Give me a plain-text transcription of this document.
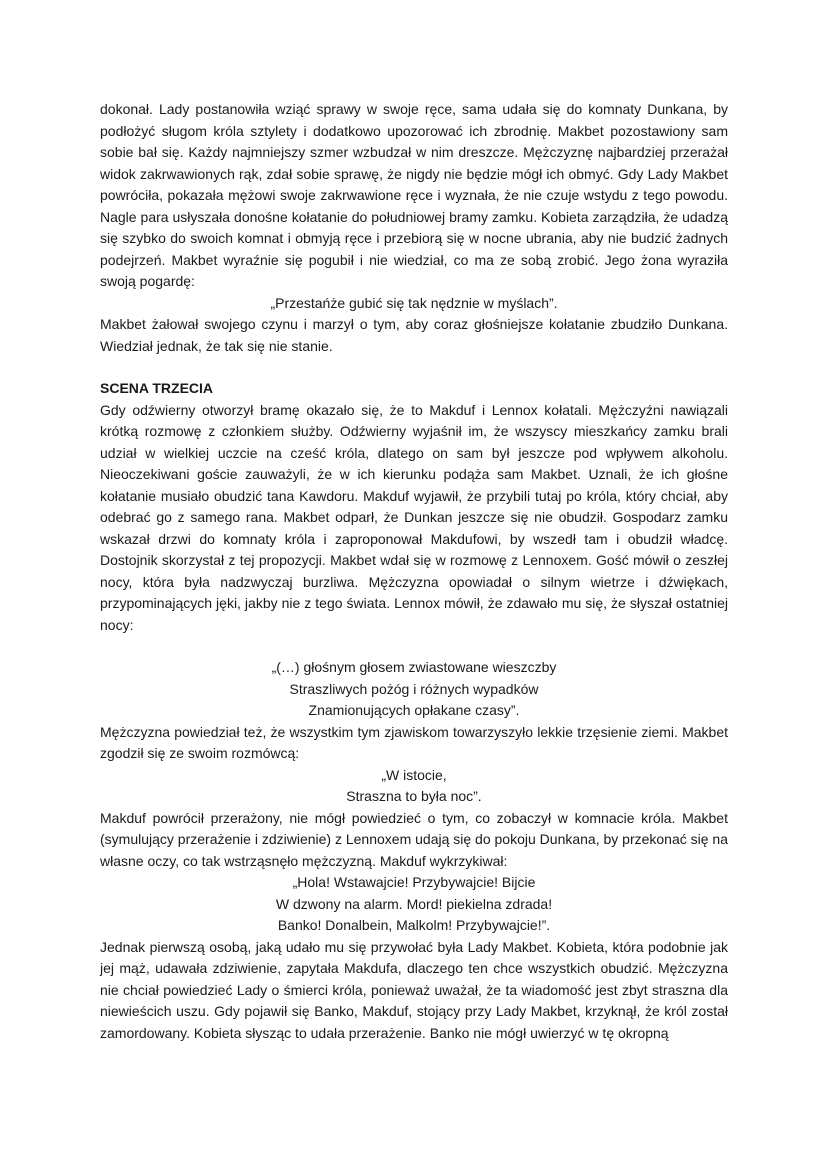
dokonał. Lady postanowiła wziąć sprawy w swoje ręce, sama udała się do komnaty Dunkana, by podłożyć sługom króla sztylety i dodatkowo upozorować ich zbrodnię. Makbet pozostawiony sam sobie bał się. Każdy najmniejszy szmer wzbudzał w nim dreszcze. Mężczyznę najbardziej przerażał widok zakrwawionych rąk, zdał sobie sprawę, że nigdy nie będzie mógł ich obmyć. Gdy Lady Makbet powróciła, pokazała mężowi swoje zakrwawione ręce i wyznała, że nie czuje wstydu z tego powodu. Nagle para usłyszała donośne kołatanie do południowej bramy zamku. Kobieta zarządziła, że udadzą się szybko do swoich komnat i obmyją ręce i przebiorą się w nocne ubrania, aby nie budzić żadnych podejrzeń. Makbet wyraźnie się pogubił i nie wiedział, co ma ze sobą zrobić. Jego żona wyraziła swoją pogardę:

„Przestańże gubić się tak nędznie w myślach”.

Makbet żałował swojego czynu i marzył o tym, aby coraz głośniejsze kołatanie zbudziło Dunkana. Wiedział jednak, że tak się nie stanie.

SCENA TRZECIA

Gdy odźwierny otworzył bramę okazało się, że to Makduf i Lennox kołatali. Mężczyźni nawiązali krótką rozmowę z członkiem służby. Odźwierny wyjaśnił im, że wszyscy mieszkańcy zamku brali udział w wielkiej uczcie na cześć króla, dlatego on sam był jeszcze pod wpływem alkoholu. Nieoczekiwani goście zauważyli, że w ich kierunku podąża sam Makbet. Uznali, że ich głośne kołatanie musiało obudzić tana Kawdoru. Makduf wyjawił, że przybili tutaj po króla, który chciał, aby odebrać go z samego rana. Makbet odparł, że Dunkan jeszcze się nie obudził. Gospodarz zamku wskazał drzwi do komnaty króla i zaproponował Makdufowi, by wszedł tam i obudził władcę. Dostojnik skorzystał z tej propozycji. Makbet wdał się w rozmowę z Lennoxem. Gość mówił o zeszłej nocy, która była nadzwyczaj burzliwa. Mężczyzna opowiadał o silnym wietrze i dźwiękach, przypominających jęki, jakby nie z tego świata. Lennox mówił, że zdawało mu się, że słyszał ostatniej nocy:

„(…) głośnym głosem zwiastowane wieszczby

Straszliwych pożóg i różnych wypadków

Znamionujących opłakane czasy”.

Mężczyzna powiedział też, że wszystkim tym zjawiskom towarzyszyło lekkie trzęsienie ziemi. Makbet zgodził się ze swoim rozmówcą:

„W istocie,

Straszna to była noc”.

Makduf powrócił przerażony, nie mógł powiedzieć o tym, co zobaczył w komnacie króla. Makbet (symulujący przerażenie i zdziwienie) z Lennoxem udają się do pokoju Dunkana, by przekonać się na własne oczy, co tak wstrząsnęło mężczyzną. Makduf wykrzykiwał:

„Hola! Wstawajcie! Przybywajcie! Bijcie

W dzwony na alarm. Mord! piekielna zdrada!

Banko! Donalbein, Malkolm! Przybywajcie!”.

Jednak pierwszą osobą, jaką udało mu się przywołać była Lady Makbet. Kobieta, która podobnie jak jej mąż, udawała zdziwienie, zapytała Makdufa, dlaczego ten chce wszystkich obudzić. Mężczyzna nie chciał powiedzieć Lady o śmierci króla, ponieważ uważał, że ta wiadomość jest zbyt straszna dla niewieścich uszu. Gdy pojawił się Banko, Makduf, stojący przy Lady Makbet, krzyknął, że król został zamordowany. Kobieta słysząc to udała przerażenie. Banko nie mógł uwierzyć w tę okropną
